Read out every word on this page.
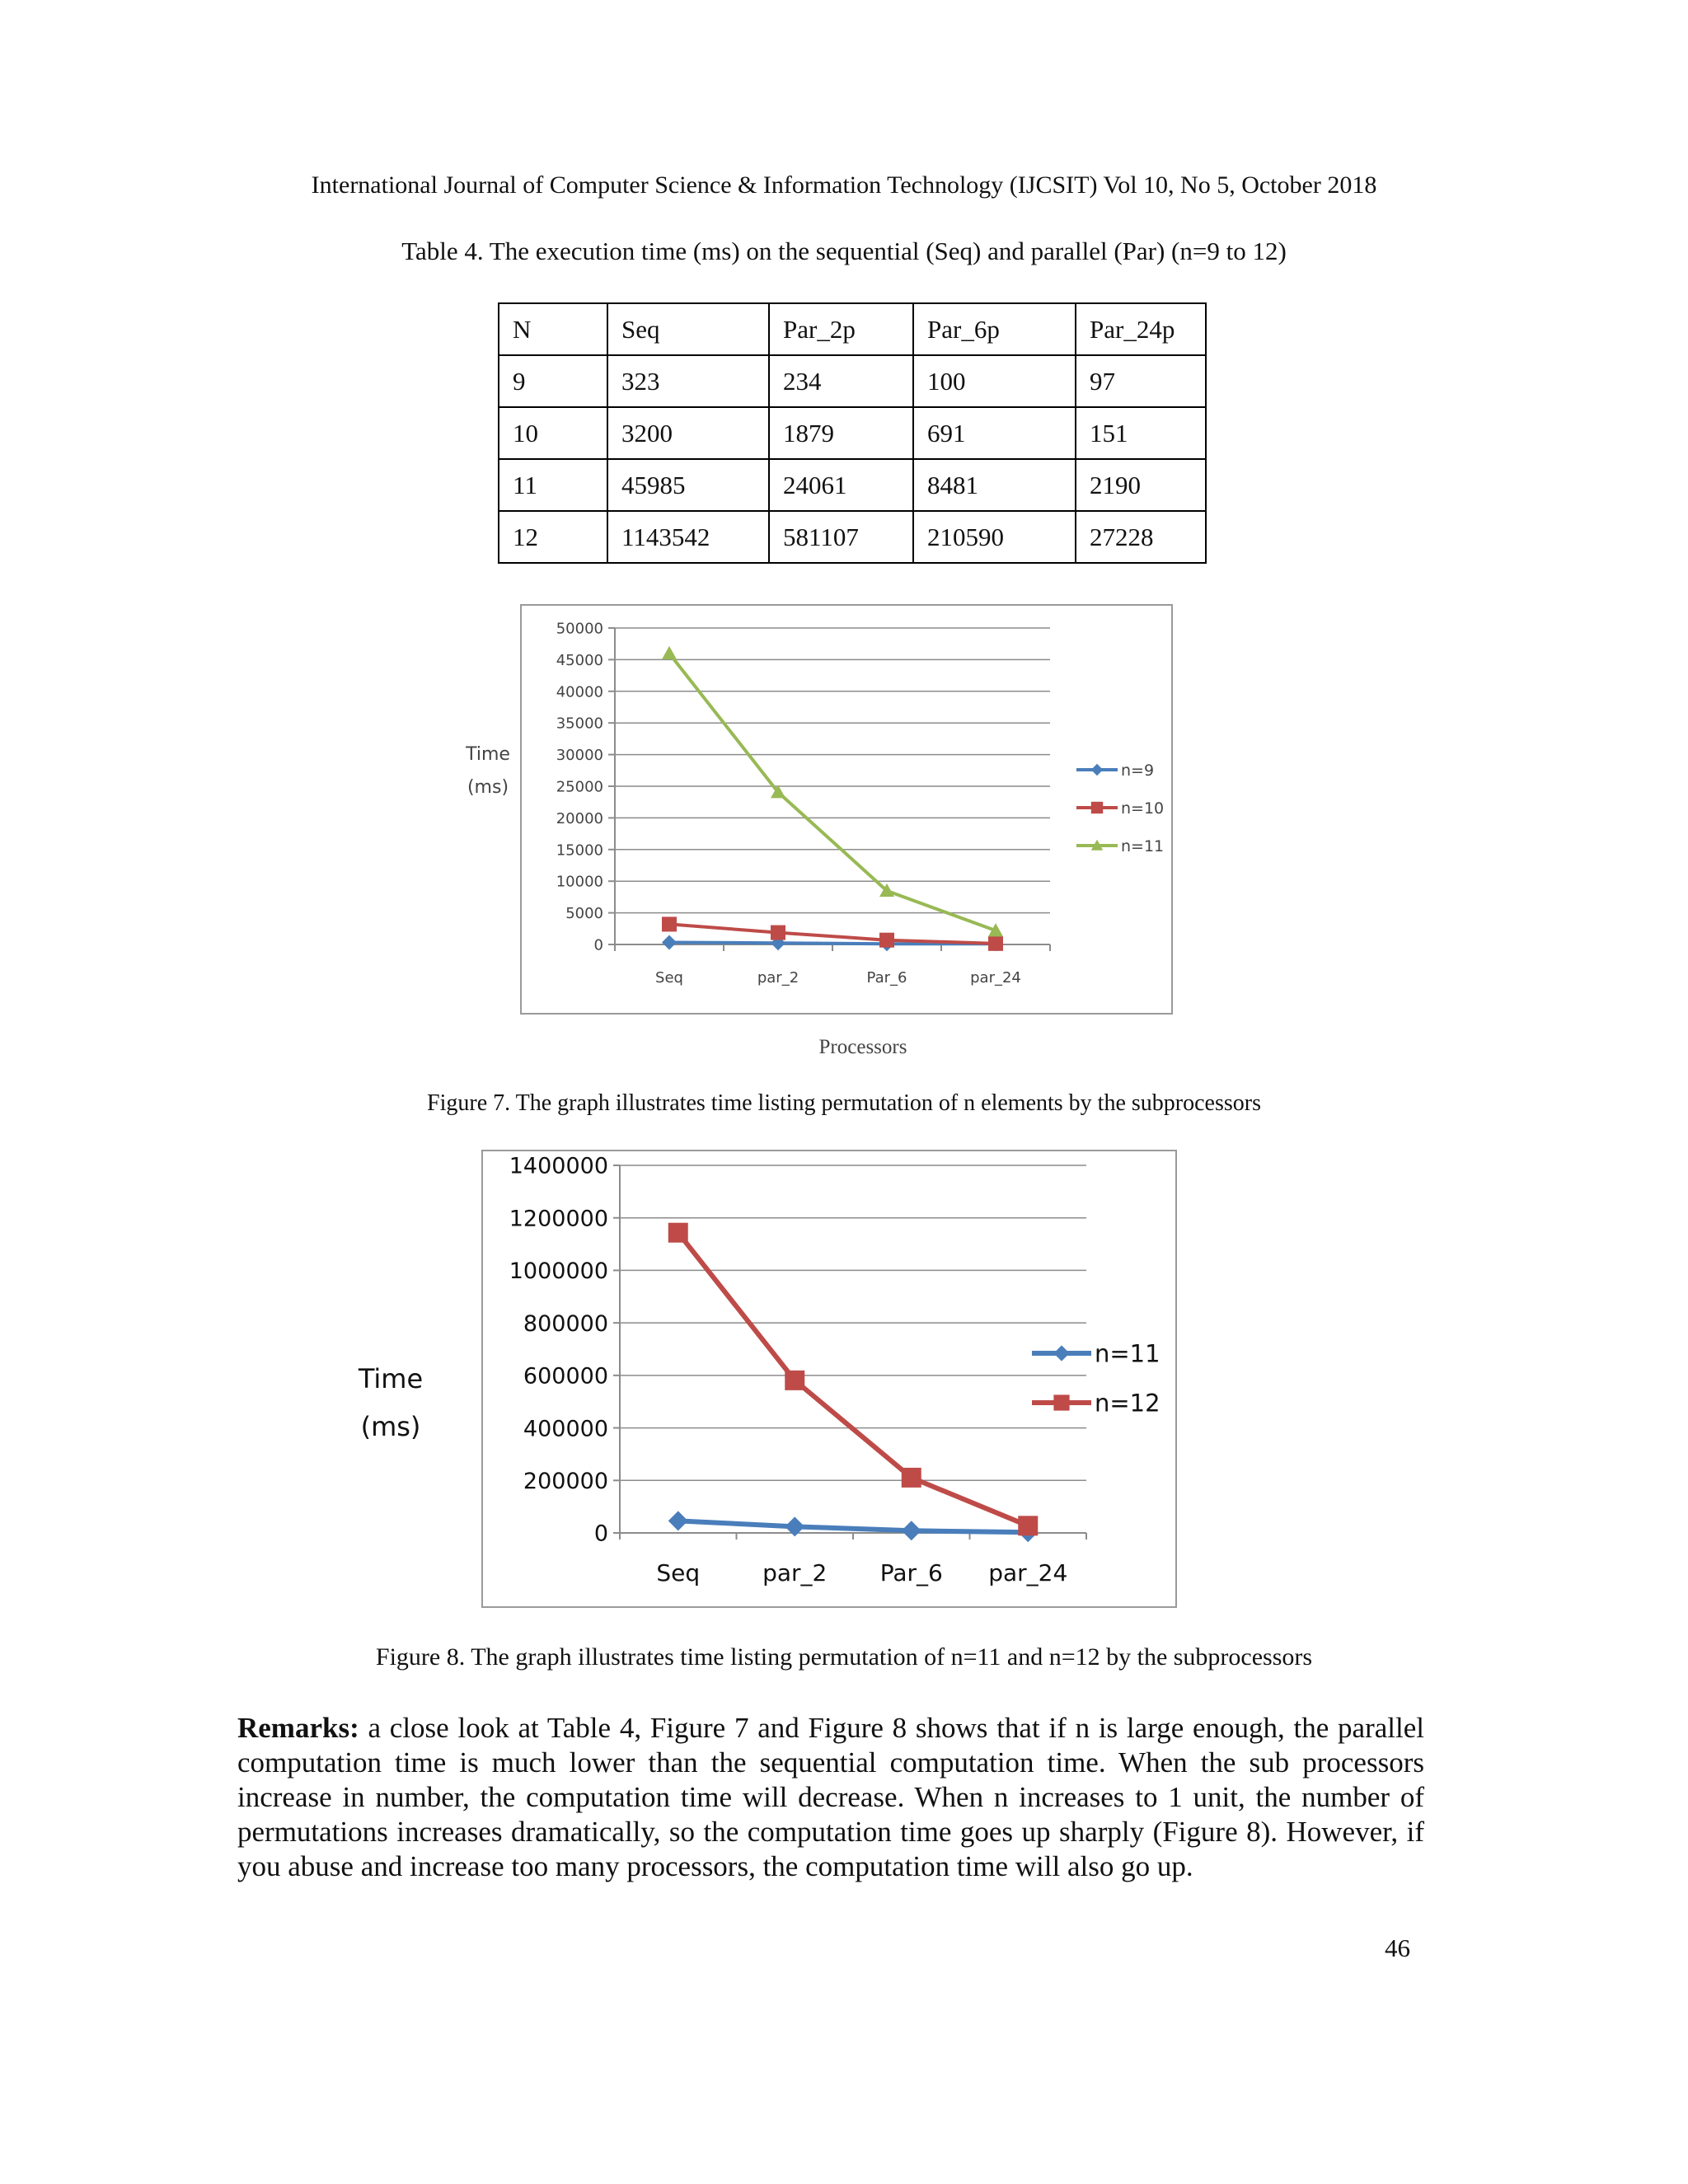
International Journal of Computer Science & Information Technology (IJCSIT) Vol 10, No 5, October 2018
Table 4. The execution time (ms) on the sequential (Seq) and parallel (Par) (n=9 to 12)
N	Seq	Par_2p	Par_6p	Par_24p
9	323	234	100	97
10	3200	1879	691	151
11	45985	24061	8481	2190
12	1143542	581107	210590	27228
Time
(ms)
Processors
0
5000
10000
15000
20000
25000
30000
35000
40000
45000
50000
Seq	par_2	Par_6	par_24
n=9
n=10
n=11
Figure 7. The graph illustrates time listing permutation of n elements by the subprocessors
Time
(ms)
0
200000
400000
600000
800000
1000000
1200000
1400000
Seq	par_2 Par_6 par_24
n=11
n=12
Figure 8. The graph illustrates time listing permutation of n=11 and n=12 by the subprocessors
Remarks: a close look at Table 4, Figure 7 and Figure 8 shows that if n is large enough, the parallel computation time is much lower than the sequential computation time. When the sub processors increase in number, the computation time will decrease. When n increases to 1 unit, the number of permutations increases dramatically, so the computation time goes up sharply (Figure 8). However, if you abuse and increase too many processors, the computation time will also go up.
46
